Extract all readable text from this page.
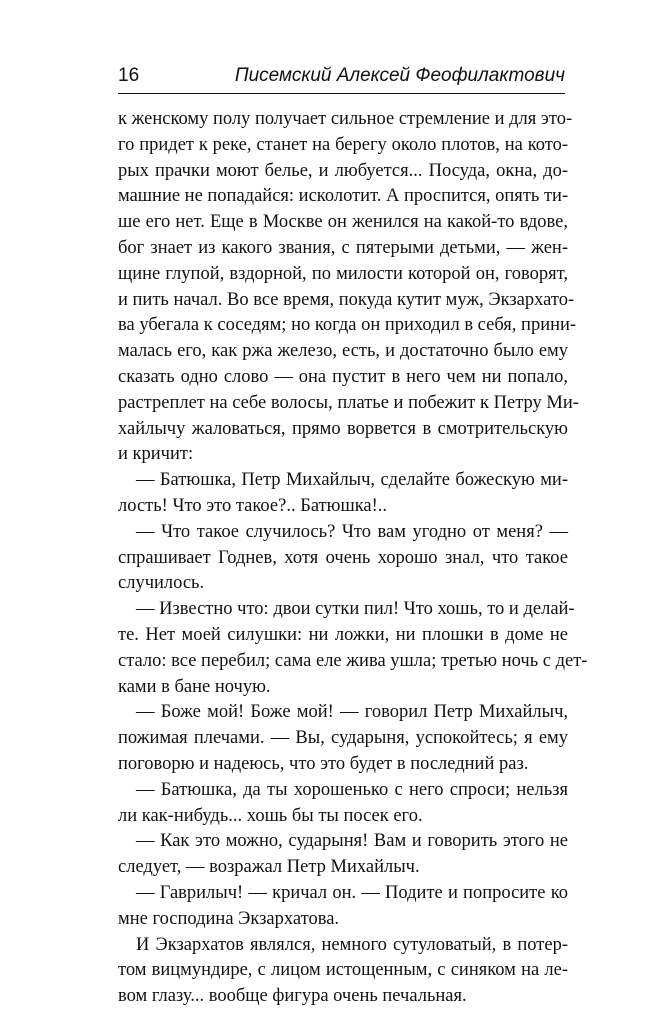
16	Писемский Алексей Феофилактович
к женскому полу получает сильное стремление и для это-
го придет к реке, станет на берегу около плотов, на кото-
рых прачки моют белье, и любуется... Посуда, окна, до-
машние не попадайся: исколотит. А проспится, опять ти-
ше его нет. Еще в Москве он женился на какой-то вдове,
бог знает из какого звания, с пятерыми детьми, — жен-
щине глупой, вздорной, по милости которой он, говорят,
и пить начал. Во все время, покуда кутит муж, Экзархато-
ва убегала к соседям; но когда он приходил в себя, прини-
малась его, как ржа железо, есть, и достаточно было ему
сказать одно слово — она пустит в него чем ни попало,
растреплет на себе волосы, платье и побежит к Петру Ми-
хайлычу жаловаться, прямо ворвется в смотрительскую
и кричит:
— Батюшка, Петр Михайлыч, сделайте божескую ми-
лость! Что это такое?.. Батюшка!..
— Что такое случилось? Что вам угодно от меня? —
спрашивает Годнев, хотя очень хорошо знал, что такое
случилось.
— Известно что: двои сутки пил! Что хошь, то и делай-
те. Нет моей силушки: ни ложки, ни плошки в доме не
стало: все перебил; сама еле жива ушла; третью ночь с дет-
ками в бане ночую.
— Боже мой! Боже мой! — говорил Петр Михайлыч,
пожимая плечами. — Вы, сударыня, успокойтесь; я ему
поговорю и надеюсь, что это будет в последний раз.
— Батюшка, да ты хорошенько с него спроси; нельзя
ли как-нибудь... хошь бы ты посек его.
— Как это можно, сударыня! Вам и говорить этого не
следует, — возражал Петр Михайлыч.
— Гаврилыч! — кричал он. — Подите и попросите ко
мне господина Экзархатова.
И Экзархатов являлся, немного сутуловатый, в потер-
том вицмундире, с лицом истощенным, с синяком на ле-
вом глазу... вообще фигура очень печальная.
